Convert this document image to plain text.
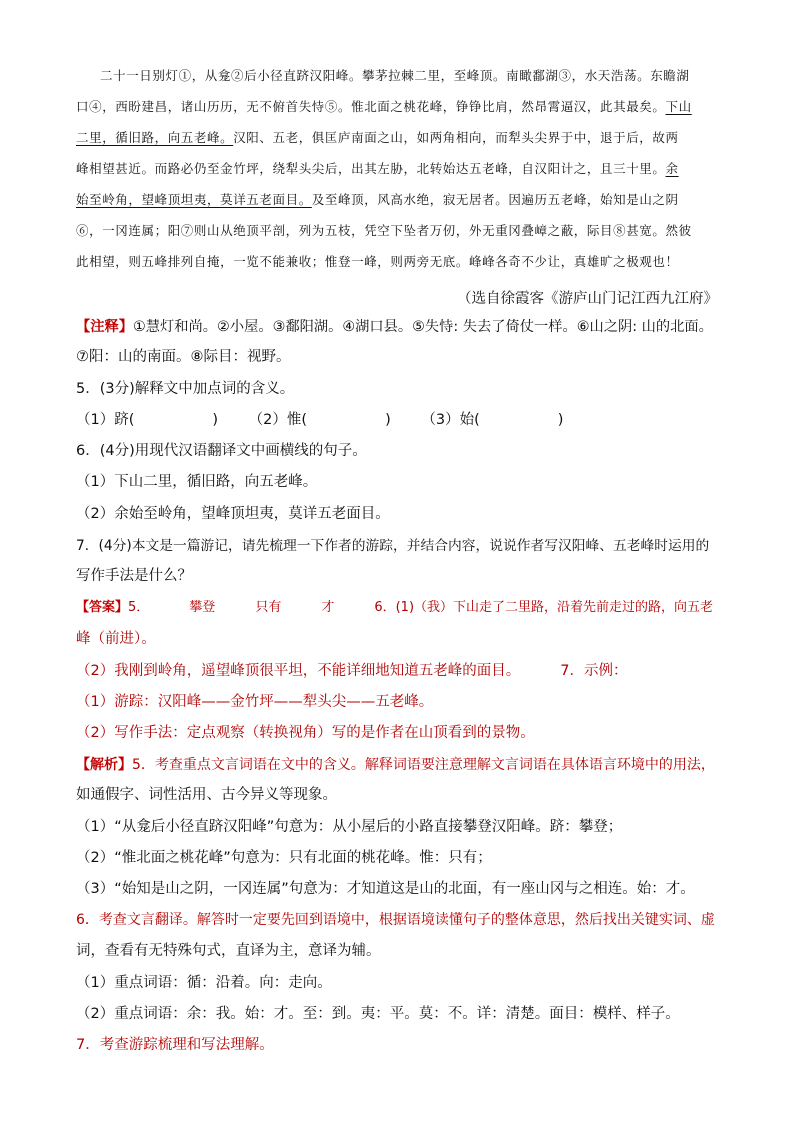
二十一日别灯①，从龛②后小径直跻汉阳峰。攀茅拉棘二里，至峰顶。南瞰鄱湖③，水天浩荡。东瞻湖
口④，西盼建昌，诸山历历，无不俯首失恃⑤。惟北面之桃花峰，铮铮比肩，然昂霄逼汉，此其最矣。下山
二里，循旧路，向五老峰。汉阳、五老，俱匡庐南面之山，如两角相向，而犁头尖界于中，退于后，故两
峰相望甚近。而路必仍至金竹坪，绕犁头尖后，出其左胁，北转始达五老峰，自汉阳计之，且三十里。余
始至岭角，望峰顶坦夷，莫详五老面目。及至峰顶，风高水绝，寂无居者。因遍历五老峰，始知是山之阴
⑥，一冈连属；阳⑦则山从绝顶平剖，列为五枝，凭空下坠者万仞，外无重冈叠嶂之蔽，际目⑧甚宽。然彼
此相望，则五峰排列自掩，一览不能兼收；惟登一峰，则两旁无底。峰峰各奇不少让，真雄旷之极观也！
（选自徐霞客《游庐山门记江西九江府》
【注释】①慧灯和尚。②小屋。③鄱阳湖。④湖口县。⑤失恃: 失去了倚仗一样。⑥山之阴: 山的北面。
⑦阳：山的南面。⑧际目：视野。
5．(3分)解释文中加点词的含义。
（1）跻(	) （2）惟(	) （3）始(	)
6．(4分)用现代汉语翻译文中画横线的句子。
（1）下山二里，循旧路，向五老峰。
（2）余始至岭角，望峰顶坦夷，莫详五老面目。
7．(4分)本文是一篇游记，请先梳理一下作者的游踪，并结合内容，说说作者写汉阳峰、五老峰时运用的
写作手法是什么？
【答案】5．	攀登	只有	才	6．(1)（我）下山走了二里路，沿着先前走过的路，向五老
峰（前进）。
（2）我刚到岭角，遥望峰顶很平坦，不能详细地知道五老峰的面目。	7．示例：
（1）游踪：汉阳峰——金竹坪——犁头尖——五老峰。
（2）写作手法：定点观察（转换视角）写的是作者在山顶看到的景物。
【解析】5．考查重点文言词语在文中的含义。解释词语要注意理解文言词语在具体语言环境中的用法，
如通假字、词性活用、古今异义等现象。
（1）“从龛后小径直跻汉阳峰”句意为：从小屋后的小路直接攀登汉阳峰。跻：攀登；
（2）“惟北面之桃花峰”句意为：只有北面的桃花峰。惟：只有；
（3）“始知是山之阴，一冈连属”句意为：才知道这是山的北面，有一座山冈与之相连。始：才。
6．考查文言翻译。解答时一定要先回到语境中，根据语境读懂句子的整体意思，然后找出关键实词、虚
词，查看有无特殊句式，直译为主，意译为辅。
（1）重点词语：循：沿着。向：走向。
（2）重点词语：余：我。始：才。至：到。夷：平。莫：不。详：清楚。面目：模样、样子。
7．考查游踪梳理和写法理解。
